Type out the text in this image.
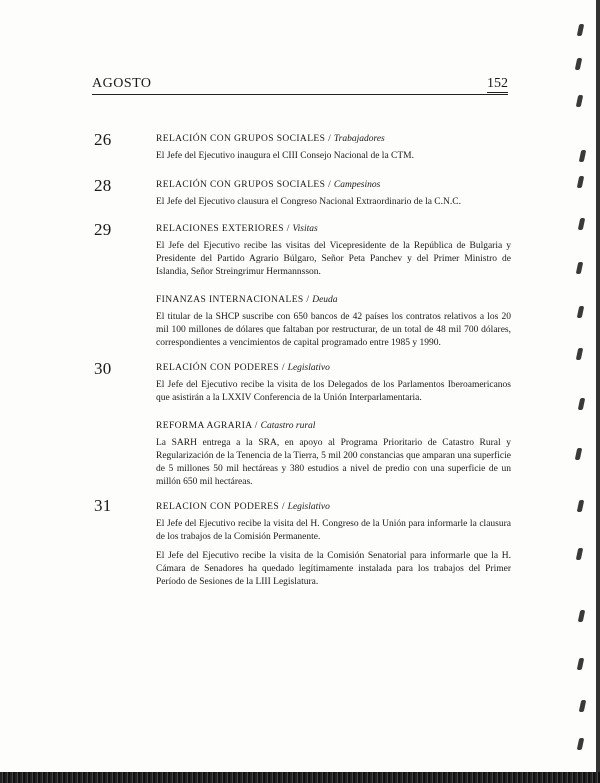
AGOSTO	152
26	RELACIÓN CON GRUPOS SOCIALES / Trabajadores

El Jefe del Ejecutivo inaugura el CIII Consejo Nacional de la CTM.

28	RELACIÓN CON GRUPOS SOCIALES / Campesinos

El Jefe del Ejecutivo clausura el Congreso Nacional Extraordinario de la C.N.C.

29	RELACIONES EXTERIORES / Visitas

El Jefe del Ejecutivo recibe las visitas del Vicepresidente de la República de Bulgaria y Presidente del Partido Agrario Búlgaro, Señor Peta Panchev y del Primer Ministro de Islandia, Señor Streingrimur Hermannsson.

FINANZAS INTERNACIONALES / Deuda

El titular de la SHCP suscribe con 650 bancos de 42 países los contratos relativos a los 20 mil 100 millones de dólares que faltaban por restructurar, de un total de 48 mil 700 dólares, correspondientes a vencimientos de capital programado entre 1985 y 1990.

30	RELACIÓN CON PODERES / Legislativo

El Jefe del Ejecutivo recibe la visita de los Delegados de los Parlamentos Iberoamericanos que asistirán a la LXXIV Conferencia de la Unión Interparlamentaria.

REFORMA AGRARIA / Catastro rural

La SARH entrega a la SRA, en apoyo al Programa Prioritario de Catastro Rural y Regularización de la Tenencia de la Tierra, 5 mil 200 constancias que amparan una superficie de 5 millones 50 mil hectáreas y 380 estudios a nivel de predio con una superficie de un millón 650 mil hectáreas.

31	RELACION CON PODERES / Legislativo

El Jefe del Ejecutivo recibe la visita del H. Congreso de la Unión para informarle la clausura de los trabajos de la Comisión Permanente.

El Jefe del Ejecutivo recibe la visita de la Comisión Senatorial para informarle que la H. Cámara de Senadores ha quedado legítimamente instalada para los trabajos del Primer Período de Sesiones de la LIII Legislatura.
